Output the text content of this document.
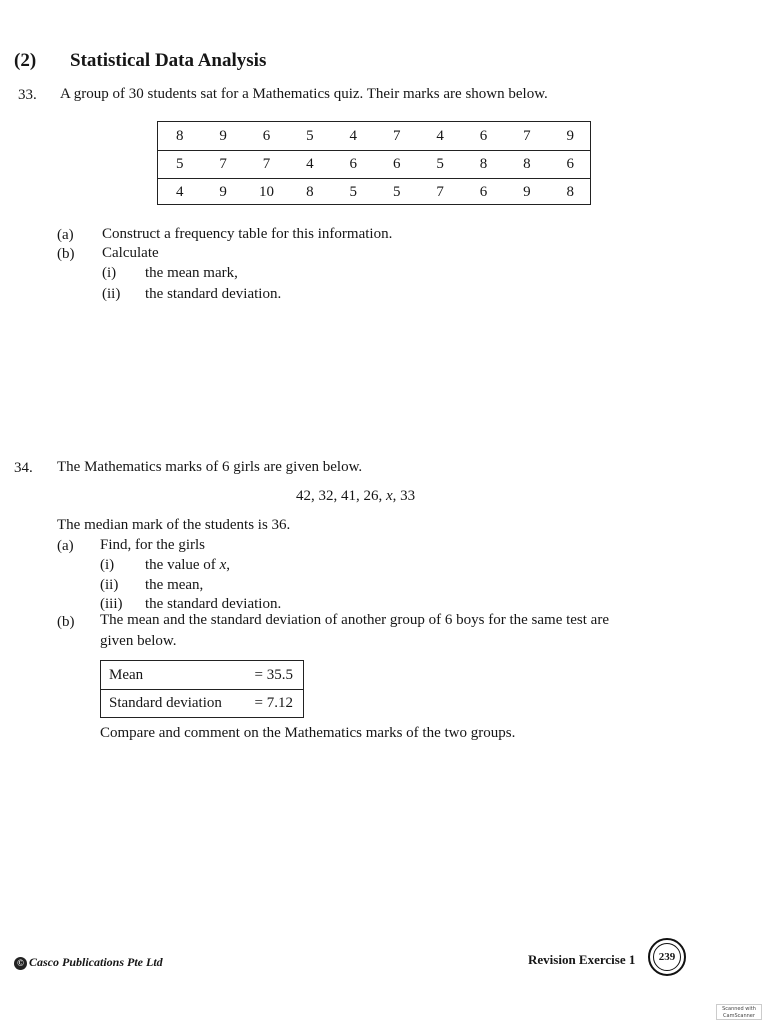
(2) Statistical Data Analysis
33. A group of 30 students sat for a Mathematics quiz. Their marks are shown below.
8	9	6	5	4	7	4	6	7	9
5	7	7	4	6	6	5	8	8	6
4	9	10	8	5	5	7	6	9	8
(a) Construct a frequency table for this information.
(b) Calculate
(i) the mean mark,
(ii) the standard deviation.
34. The Mathematics marks of 6 girls are given below.
42, 32, 41, 26, x, 33
The median mark of the students is 36.
(a) Find, for the girls
(i) the value of x,
(ii) the mean,
(iii) the standard deviation.
(b) The mean and the standard deviation of another group of 6 boys for the same test are
given below.
Mean	= 35.5
Standard deviation = 7.12
Compare and comment on the Mathematics marks of the two groups.
© Casco Publications Pte Ltd	Revision Exercise 1	239
Scanned with
CamScanner
